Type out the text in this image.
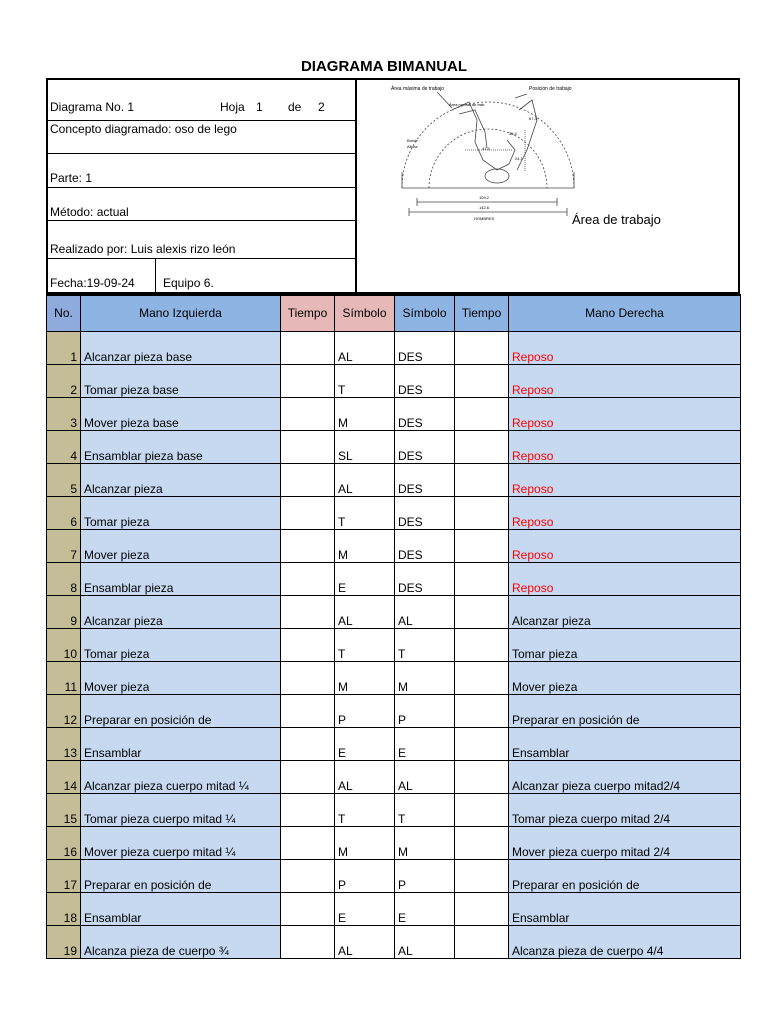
DIAGRAMA BIMANUAL
Diagrama No. 1	Hoja 1 de 2
Concepto diagramado: oso de lego
Parte: 1
Método: actual
Realizado por: Luis alexis rizo león
Fecha:19-09-24 Equipo 6.
Área máxima de trabajo	Posición de trabajo
Área normal de trab.
Borde
Altura
109,2
142,6
HOMBRES
41,6
35,4
67,3
24,1
Área de trabajo
No.	Mano Izquierda	Tiempo	Símbolo	Símbolo	Tiempo	Mano Derecha
1	Alcanzar pieza base		AL	DES		Reposo
2	Tomar pieza base		T	DES		Reposo
3	Mover pieza base		M	DES		Reposo
4	Ensamblar pieza base		SL	DES		Reposo
5	Alcanzar pieza		AL	DES		Reposo
6	Tomar pieza		T	DES		Reposo
7	Mover pieza		M	DES		Reposo
8	Ensamblar pieza		E	DES		Reposo
9	Alcanzar pieza		AL	AL		Alcanzar pieza
10	Tomar pieza		T	T		Tomar pieza
11	Mover pieza		M	M		Mover pieza
12	Preparar en posición de		P	P		Preparar en posición de
13	Ensamblar		E	E		Ensamblar
14	Alcanzar pieza cuerpo mitad ¼		AL	AL		Alcanzar pieza cuerpo mitad2/4
15	Tomar pieza cuerpo mitad ¼		T	T		Tomar pieza cuerpo mitad 2/4
16	Mover pieza cuerpo mitad ¼		M	M		Mover pieza cuerpo mitad 2/4
17	Preparar en posición de		P	P		Preparar en posición de
18	Ensamblar		E	E		Ensamblar
19	Alcanza pieza de cuerpo ¾		AL	AL		Alcanza pieza de cuerpo 4/4
